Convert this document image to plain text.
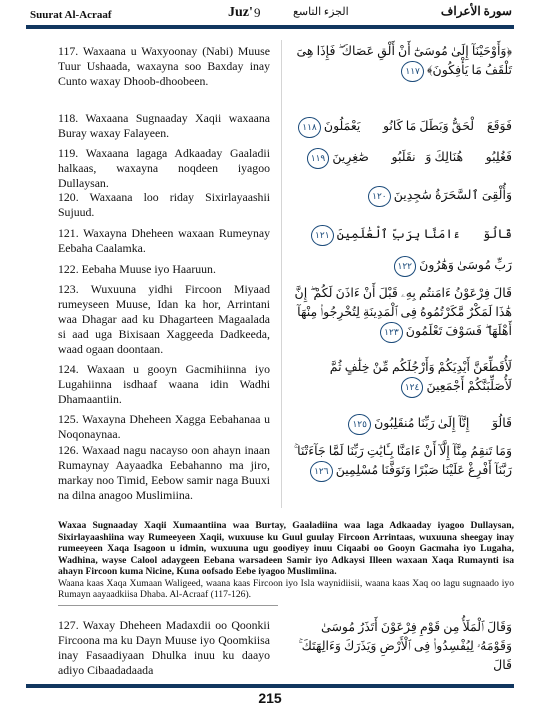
Suurat Al-Acraaf	Juz' 9	الجزء التاسع	سورة الأعراف
117. Waxaana u Waxyoonay (Nabi) Muuse Tuur Ushaada, waxayna soo Baxday inay Cunto waxay Dhoob-dhoobeen.
﴿وَأَوْحَيْنَآ إِلَىٰ مُوسَىٰٓ أَنْ أَلْقِ عَصَاكَ ۖ فَإِذَا هِىَ تَلْقَفُ مَا يَأْفِكُونَ﴾ ١١٧
118. Waxaana Sugnaaday Xaqii waxaana Buray waxay Falayeen.	فَوَقَعَ ٱلْحَقُّ وَبَطَلَ مَا كَانُوا۟ يَعْمَلُونَ ١١٨
119. Waxaana lagaga Adkaaday Gaaladii halkaas, waxayna noqdeen iyagoo Dullaysan.
فَغُلِبُوا۟ هُنَالِكَ وَٱنقَلَبُوا۟ صَٰغِرِينَ ١١٩
120. Waxaana loo riday Sixirlayaashii Sujuud.
وَأُلْقِىَ ٱلسَّحَرَةُ سَٰجِدِينَ ١٢٠
121. Waxayna Dheheen waxaan Rumeynay Eebaha Caalamka.
قَالُوٓا۟ ءَامَنَّا بِرَبِّ ٱلْعَٰلَمِينَ ١٢١
122. Eebaha Muuse iyo Haaruun.	رَبِّ مُوسَىٰ وَهَٰرُونَ ١٢٢
123. Wuxuuna yidhi Fircoon Miyaad rumeyseen Muuse, Idan ka hor, Arrintani waa Dhagar aad ku Dhagarteen Magaalada si aad uga Bixisaan Xaggeeda Dadkeeda, waad ogaan doontaan.
قَالَ فِرْعَوْنُ ءَامَنتُم بِهِۦ قَبْلَ أَنْ ءَاذَنَ لَكُمْ ۖ إِنَّ هَٰذَا لَمَكْرٌ مَّكَرْتُمُوهُ فِى ٱلْمَدِينَةِ لِتُخْرِجُوا۟ مِنْهَآ أَهْلَهَا ۖ فَسَوْفَ تَعْلَمُونَ ١٢٣
124. Waxaan u gooyn Gacmihiinna iyo Lugahiinna isdhaaf waana idin Wadhi Dhamaantiin.
لَأُقَطِّعَنَّ أَيْدِيَكُمْ وَأَرْجُلَكُم مِّنْ خِلَٰفٍ ثُمَّ لَأُصَلِّبَنَّكُمْ أَجْمَعِينَ ١٢٤
125. Waxayna Dheheen Xagga Eebahanaa u Noqonaynaa.
قَالُوٓا۟ إِنَّآ إِلَىٰ رَبِّنَا مُنقَلِبُونَ ١٢٥
126. Waxaad nagu nacayso oon ahayn inaan Rumaynay Aayaadka Eebahanno ma jiro, markay noo Timid, Eebow samir naga Buuxi na dilna anagoo Muslimiina.
وَمَا تَنقِمُ مِنَّآ إِلَّآ أَنْ ءَامَنَّا بِـَٔايَٰتِ رَبِّنَا لَمَّا جَآءَتْنَا ۚ رَبَّنَآ أَفْرِغْ عَلَيْنَا صَبْرًا وَتَوَفَّنَا مُسْلِمِينَ ١٢٦

Waxaa Sugnaaday Xaqii Xumaantiina waa Burtay, Gaaladiina waa laga Adkaaday iyagoo Dullaysan, Sixirlayaashiina way Rumeeyeen Xaqii, wuxuuse ku Guul guulay Fircoon Arrintaas, wuxuuna sheegay inay rumeeyeen Xaqa Isagoon u idmin, wuxuuna ugu goodiyey inuu Ciqaabi oo Gooyn Gacmaha iyo Lugaha, Wadhina, wayse Calool adaygeen Eebana warsadeen Samir iyo Adkaysi Illeen waxaan Xaqa Rumaynti isa ahayn Fircoon kuma Nicine, Kuna oofsado Eebe iyagoo Muslimiina.

Waana kaas Xaqa Xumaan Waligeed, waana kaas Fircoon iyo Isla waynidiisii, waana kaas Xaq oo lagu sugnaado iyo Rumayn aayaadkiisa Dhaba. Al-Acraaf (117-126).

127. Waxay Dheheen Madaxdii oo Qoonkii Fircoona ma ku Dayn Muuse iyo Qoomkiisa inay Fasaadiyaan Dhulka inuu ku daayo adiyo Cibaadadaada
وَقَالَ ٱلْمَلَأُ مِن قَوْمِ فِرْعَوْنَ أَتَذَرُ مُوسَىٰ وَقَوْمَهُۥ لِيُفْسِدُوا۟ فِى ٱلْأَرْضِ وَيَذَرَكَ وَءَالِهَتَكَ ۚ قَالَ
215
